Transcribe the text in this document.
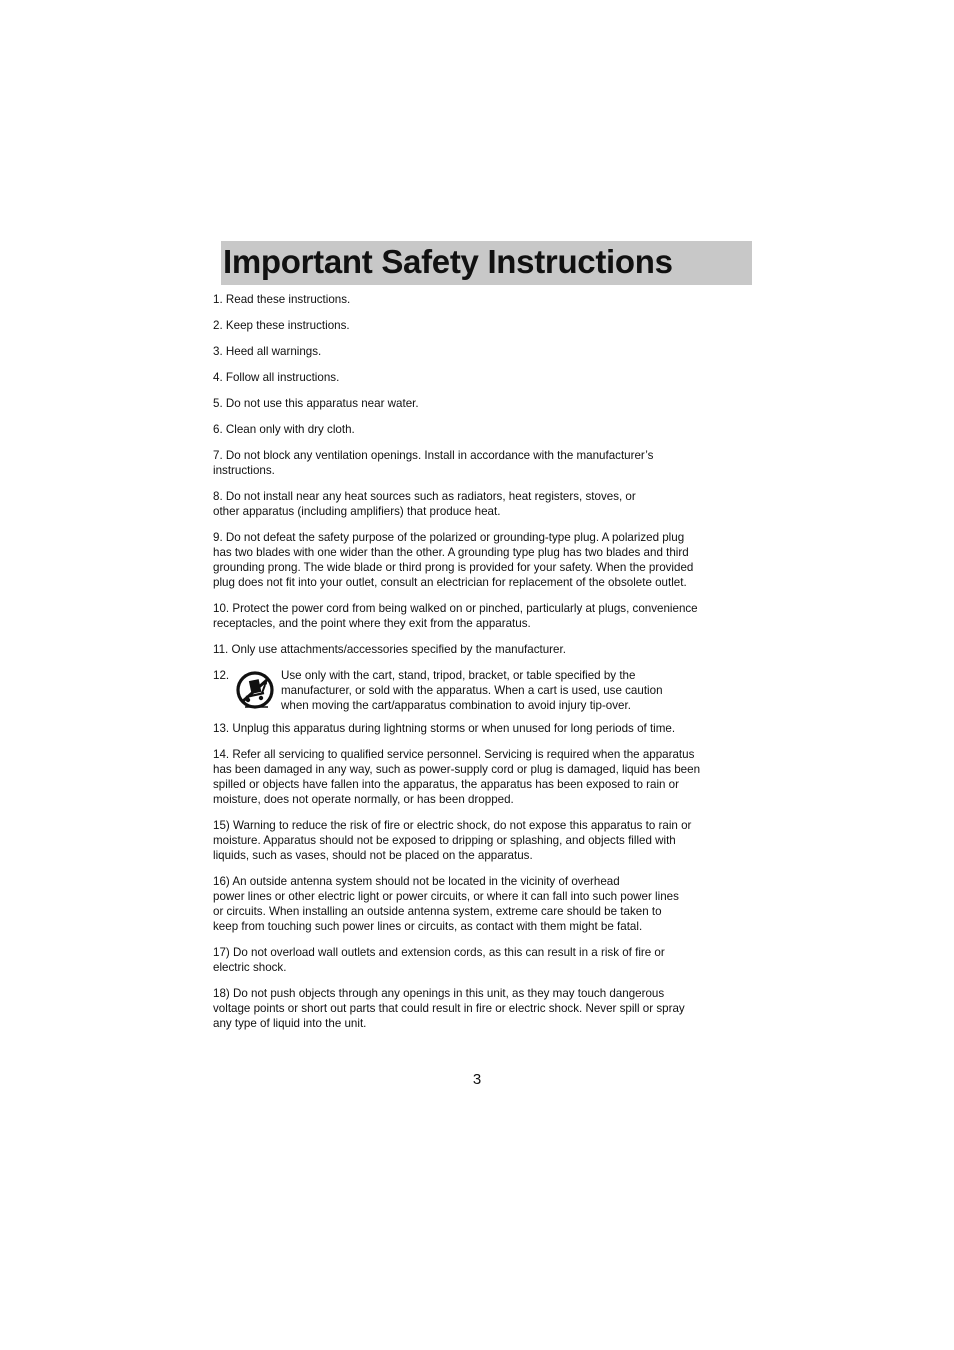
Important Safety Instructions
1. Read these instructions.
2. Keep these instructions.
3. Heed all warnings.
4. Follow all instructions.
5. Do not use this apparatus near water.
6. Clean only with dry cloth.
7. Do not block any ventilation openings. Install in accordance with the manufacturer’s
instructions.
8. Do not install near any heat sources such as radiators, heat registers, stoves, or
other apparatus (including amplifiers) that produce heat.
9. Do not defeat the safety purpose of the polarized or grounding-type plug. A polarized plug
has two blades with one wider than the other. A grounding type plug has two blades and third
grounding prong. The wide blade or third prong is provided for your safety. When the provided
plug does not fit into your outlet, consult an electrician for replacement of the obsolete outlet.
10. Protect the power cord from being walked on or pinched, particularly at plugs, convenience
receptacles, and the point where they exit from the apparatus.
11. Only use attachments/accessories specified by the manufacturer.
12.	Use only with the cart, stand, tripod, bracket, or table specified by the
manufacturer, or sold with the apparatus. When a cart is used, use caution
when moving the cart/apparatus combination to avoid injury tip-over.
13. Unplug this apparatus during lightning storms or when unused for long periods of time.
14. Refer all servicing to qualified service personnel. Servicing is required when the apparatus
has been damaged in any way, such as power-supply cord or plug is damaged, liquid has been
spilled or objects have fallen into the apparatus, the apparatus has been exposed to rain or
moisture, does not operate normally, or has been dropped.
15) Warning to reduce the risk of fire or electric shock, do not expose this apparatus to rain or
moisture. Apparatus should not be exposed to dripping or splashing, and objects filled with
liquids, such as vases, should not be placed on the apparatus.
16) An outside antenna system should not be located in the vicinity of overhead
power lines or other electric light or power circuits, or where it can fall into such power lines
or circuits. When installing an outside antenna system, extreme care should be taken to
keep from touching such power lines or circuits, as contact with them might be fatal.
17) Do not overload wall outlets and extension cords, as this can result in a risk of fire or
electric shock.
18) Do not push objects through any openings in this unit, as they may touch dangerous
voltage points or short out parts that could result in fire or electric shock. Never spill or spray
any type of liquid into the unit.
3
